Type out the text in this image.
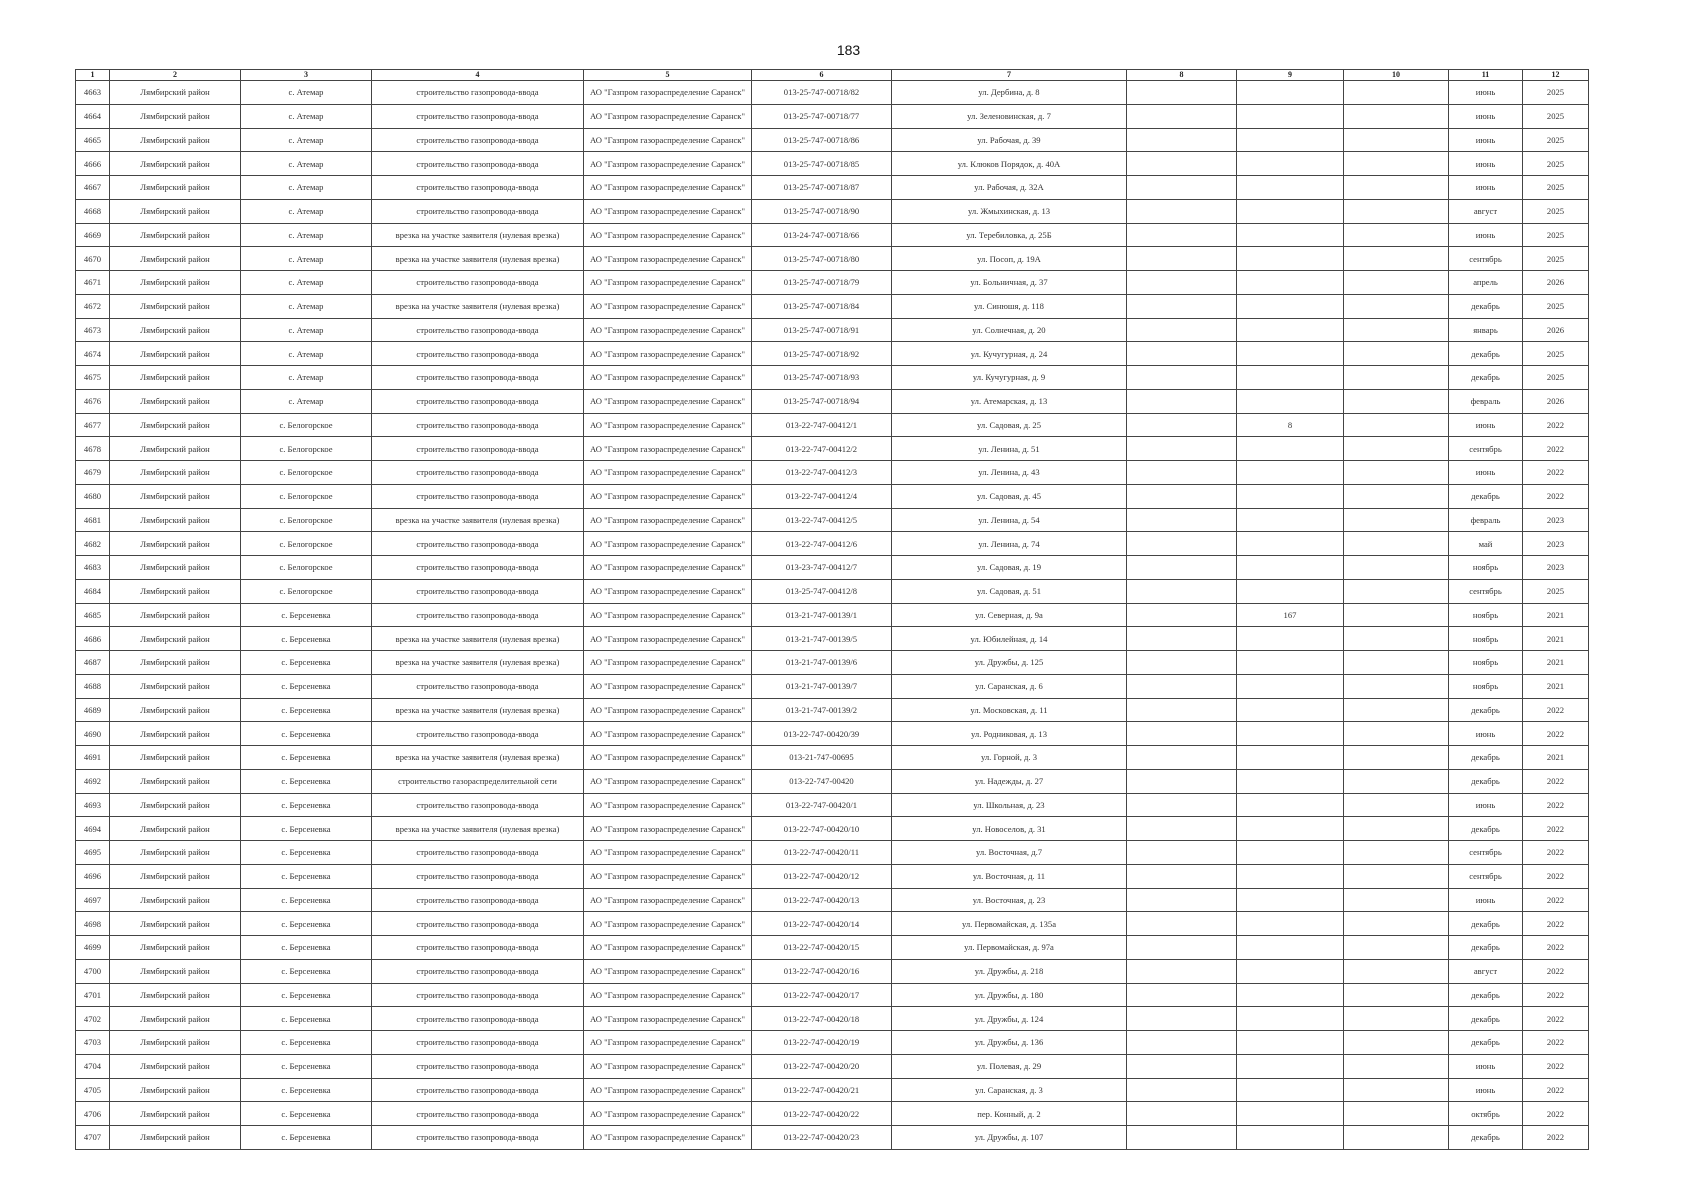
183
1	2	3	4	5	6	7	8	9	10	11	12
4663	Лямбирский район	с. Атемар	строительство газопровода-ввода	АО "Газпром газораспределение Саранск"	013-25-747-00718/82	ул. Дербина, д. 8				июнь	2025
4664	Лямбирский район	с. Атемар	строительство газопровода-ввода	АО "Газпром газораспределение Саранск"	013-25-747-00718/77	ул. Зеленовинская, д. 7				июнь	2025
4665	Лямбирский район	с. Атемар	строительство газопровода-ввода	АО "Газпром газораспределение Саранск"	013-25-747-00718/86	ул. Рабочая, д. 39				июнь	2025
4666	Лямбирский район	с. Атемар	строительство газопровода-ввода	АО "Газпром газораспределение Саранск"	013-25-747-00718/85	ул. Клюков Порядок, д. 40А				июнь	2025
4667	Лямбирский район	с. Атемар	строительство газопровода-ввода	АО "Газпром газораспределение Саранск"	013-25-747-00718/87	ул. Рабочая, д. 32А				июнь	2025
4668	Лямбирский район	с. Атемар	строительство газопровода-ввода	АО "Газпром газораспределение Саранск"	013-25-747-00718/90	ул. Жмыхинская, д. 13				август	2025
4669	Лямбирский район	с. Атемар	врезка на участке заявителя (нулевая врезка)	АО "Газпром газораспределение Саранск"	013-24-747-00718/66	ул. Теребиловка, д. 25Б				июнь	2025
4670	Лямбирский район	с. Атемар	врезка на участке заявителя (нулевая врезка)	АО "Газпром газораспределение Саранск"	013-25-747-00718/80	ул. Посоп, д. 19А				сентябрь	2025
4671	Лямбирский район	с. Атемар	строительство газопровода-ввода	АО "Газпром газораспределение Саранск"	013-25-747-00718/79	ул. Больничная, д. 37				апрель	2026
4672	Лямбирский район	с. Атемар	врезка на участке заявителя (нулевая врезка)	АО "Газпром газораспределение Саранск"	013-25-747-00718/84	ул. Синюшя, д. 118				декабрь	2025
4673	Лямбирский район	с. Атемар	строительство газопровода-ввода	АО "Газпром газораспределение Саранск"	013-25-747-00718/91	ул. Солнечная, д. 20				январь	2026
4674	Лямбирский район	с. Атемар	строительство газопровода-ввода	АО "Газпром газораспределение Саранск"	013-25-747-00718/92	ул. Кучугурная, д. 24				декабрь	2025
4675	Лямбирский район	с. Атемар	строительство газопровода-ввода	АО "Газпром газораспределение Саранск"	013-25-747-00718/93	ул. Кучугурная, д. 9				декабрь	2025
4676	Лямбирский район	с. Атемар	строительство газопровода-ввода	АО "Газпром газораспределение Саранск"	013-25-747-00718/94	ул. Атемарская, д. 13				февраль	2026
4677	Лямбирский район	с. Белогорское	строительство газопровода-ввода	АО "Газпром газораспределение Саранск"	013-22-747-00412/1	ул. Садовая, д. 25		8		июнь	2022
4678	Лямбирский район	с. Белогорское	строительство газопровода-ввода	АО "Газпром газораспределение Саранск"	013-22-747-00412/2	ул. Ленина, д. 51				сентябрь	2022
4679	Лямбирский район	с. Белогорское	строительство газопровода-ввода	АО "Газпром газораспределение Саранск"	013-22-747-00412/3	ул. Ленина, д. 43				июнь	2022
4680	Лямбирский район	с. Белогорское	строительство газопровода-ввода	АО "Газпром газораспределение Саранск"	013-22-747-00412/4	ул. Садовая, д. 45				декабрь	2022
4681	Лямбирский район	с. Белогорское	врезка на участке заявителя (нулевая врезка)	АО "Газпром газораспределение Саранск"	013-22-747-00412/5	ул. Ленина, д. 54				февраль	2023
4682	Лямбирский район	с. Белогорское	строительство газопровода-ввода	АО "Газпром газораспределение Саранск"	013-22-747-00412/6	ул. Ленина, д. 74				май	2023
4683	Лямбирский район	с. Белогорское	строительство газопровода-ввода	АО "Газпром газораспределение Саранск"	013-23-747-00412/7	ул. Садовая, д. 19				ноябрь	2023
4684	Лямбирский район	с. Белогорское	строительство газопровода-ввода	АО "Газпром газораспределение Саранск"	013-25-747-00412/8	ул. Садовая, д. 51				сентябрь	2025
4685	Лямбирский район	с. Берсеневка	строительство газопровода-ввода	АО "Газпром газораспределение Саранск"	013-21-747-00139/1	ул. Северная, д. 9а		167		ноябрь	2021
4686	Лямбирский район	с. Берсеневка	врезка на участке заявителя (нулевая врезка)	АО "Газпром газораспределение Саранск"	013-21-747-00139/5	ул. Юбилейная, д. 14				ноябрь	2021
4687	Лямбирский район	с. Берсеневка	врезка на участке заявителя (нулевая врезка)	АО "Газпром газораспределение Саранск"	013-21-747-00139/6	ул. Дружбы, д. 125				ноябрь	2021
4688	Лямбирский район	с. Берсеневка	строительство газопровода-ввода	АО "Газпром газораспределение Саранск"	013-21-747-00139/7	ул. Саранская, д. 6				ноябрь	2021
4689	Лямбирский район	с. Берсеневка	врезка на участке заявителя (нулевая врезка)	АО "Газпром газораспределение Саранск"	013-21-747-00139/2	ул. Московская, д. 11				декабрь	2022
4690	Лямбирский район	с. Берсеневка	строительство газопровода-ввода	АО "Газпром газораспределение Саранск"	013-22-747-00420/39	ул. Родниковая, д. 13				июнь	2022
4691	Лямбирский район	с. Берсеневка	врезка на участке заявителя (нулевая врезка)	АО "Газпром газораспределение Саранск"	013-21-747-00695	ул. Горной, д. 3				декабрь	2021
4692	Лямбирский район	с. Берсеневка	строительство газораспределительной сети	АО "Газпром газораспределение Саранск"	013-22-747-00420	ул. Надежды, д. 27				декабрь	2022
4693	Лямбирский район	с. Берсеневка	строительство газопровода-ввода	АО "Газпром газораспределение Саранск"	013-22-747-00420/1	ул. Школьная, д. 23				июнь	2022
4694	Лямбирский район	с. Берсеневка	врезка на участке заявителя (нулевая врезка)	АО "Газпром газораспределение Саранск"	013-22-747-00420/10	ул. Новоселов, д. 31				декабрь	2022
4695	Лямбирский район	с. Берсеневка	строительство газопровода-ввода	АО "Газпром газораспределение Саранск"	013-22-747-00420/11	ул. Восточная, д.7				сентябрь	2022
4696	Лямбирский район	с. Берсеневка	строительство газопровода-ввода	АО "Газпром газораспределение Саранск"	013-22-747-00420/12	ул. Восточная, д. 11				сентябрь	2022
4697	Лямбирский район	с. Берсеневка	строительство газопровода-ввода	АО "Газпром газораспределение Саранск"	013-22-747-00420/13	ул. Восточная, д. 23				июнь	2022
4698	Лямбирский район	с. Берсеневка	строительство газопровода-ввода	АО "Газпром газораспределение Саранск"	013-22-747-00420/14	ул. Первомайская, д. 135а				декабрь	2022
4699	Лямбирский район	с. Берсеневка	строительство газопровода-ввода	АО "Газпром газораспределение Саранск"	013-22-747-00420/15	ул. Первомайская, д. 97а				декабрь	2022
4700	Лямбирский район	с. Берсеневка	строительство газопровода-ввода	АО "Газпром газораспределение Саранск"	013-22-747-00420/16	ул. Дружбы, д. 218				август	2022
4701	Лямбирский район	с. Берсеневка	строительство газопровода-ввода	АО "Газпром газораспределение Саранск"	013-22-747-00420/17	ул. Дружбы, д. 180				декабрь	2022
4702	Лямбирский район	с. Берсеневка	строительство газопровода-ввода	АО "Газпром газораспределение Саранск"	013-22-747-00420/18	ул. Дружбы, д. 124				декабрь	2022
4703	Лямбирский район	с. Берсеневка	строительство газопровода-ввода	АО "Газпром газораспределение Саранск"	013-22-747-00420/19	ул. Дружбы, д. 136				декабрь	2022
4704	Лямбирский район	с. Берсеневка	строительство газопровода-ввода	АО "Газпром газораспределение Саранск"	013-22-747-00420/20	ул. Полевая, д. 29				июнь	2022
4705	Лямбирский район	с. Берсеневка	строительство газопровода-ввода	АО "Газпром газораспределение Саранск"	013-22-747-00420/21	ул. Саранская, д. 3				июнь	2022
4706	Лямбирский район	с. Берсеневка	строительство газопровода-ввода	АО "Газпром газораспределение Саранск"	013-22-747-00420/22	пер. Конный, д. 2				октябрь	2022
4707	Лямбирский район	с. Берсеневка	строительство газопровода-ввода	АО "Газпром газораспределение Саранск"	013-22-747-00420/23	ул. Дружбы, д. 107				декабрь	2022
